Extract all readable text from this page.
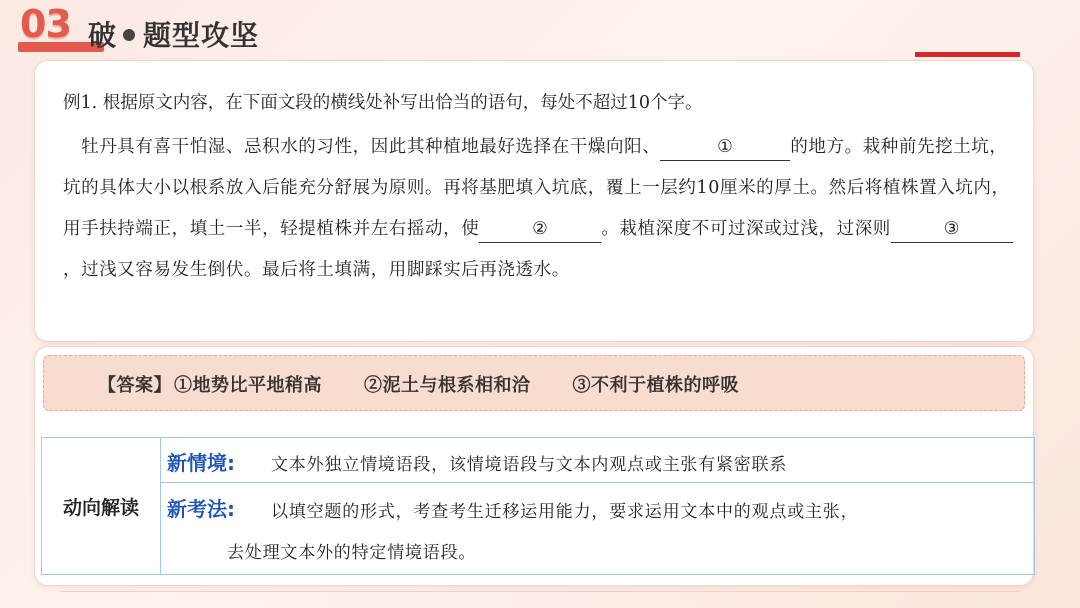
03 破 题型攻坚
例1. 根据原文内容，在下面文段的横线处补写出恰当的语句，每处不超过10个字。
 牡丹具有喜干怕湿、忌积水的习性，因此其种植地最好选择在干燥向阳、	①	的地方。栽种前先挖土坑，坑的具体大小以根系放入后能充分舒展为原则。再将基肥填入坑底，覆上一层约10厘米的厚土。然后将植株置入坑内，用手扶持端正，填土一半，轻提植株并左右摇动，使	②	。栽植深度不可过深或过浅，过深则	③，过浅又容易发生倒伏。最后将土填满，用脚踩实后再浇透水。
【答案】 ①地势比平地稍高 ②泥土与根系相和洽 ③不利于植株的呼吸
动向解读
新情境: 文本外独立情境语段，该情境语段与文本内观点或主张有紧密联系
新考法: 以填空题的形式，考查考生迁移运用能力，要求运用文本中的观点或主张，
去处理文本外的特定情境语段。
